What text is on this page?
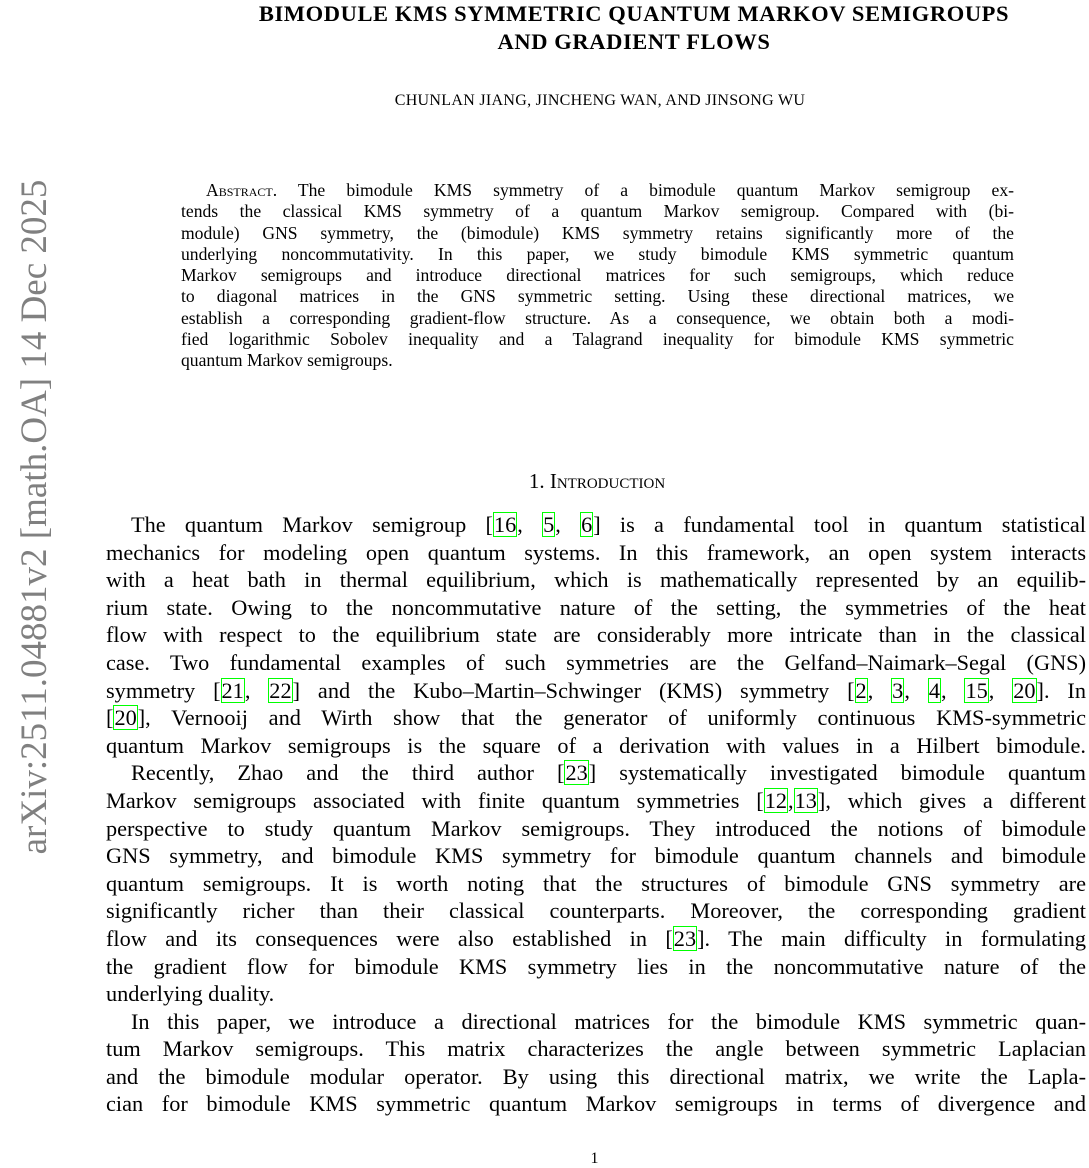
arXiv:2511.04881v2 [math.OA] 14 Dec 2025
BIMODULE KMS SYMMETRIC QUANTUM MARKOV SEMIGROUPS
AND GRADIENT FLOWS
CHUNLAN JIANG, JINCHENG WAN, AND JINSONG WU
Abstract. The bimodule KMS symmetry of a bimodule quantum Markov semigroup ex-
tends the classical KMS symmetry of a quantum Markov semigroup. Compared with (bi-
module) GNS symmetry, the (bimodule) KMS symmetry retains significantly more of the
underlying noncommutativity. In this paper, we study bimodule KMS symmetric quantum
Markov semigroups and introduce directional matrices for such semigroups, which reduce
to diagonal matrices in the GNS symmetric setting. Using these directional matrices, we
establish a corresponding gradient-flow structure. As a consequence, we obtain both a modi-
fied logarithmic Sobolev inequality and a Talagrand inequality for bimodule KMS symmetric
quantum Markov semigroups.
1. Introduction
The quantum Markov semigroup [16, 5, 6] is a fundamental tool in quantum statistical
mechanics for modeling open quantum systems. In this framework, an open system interacts
with a heat bath in thermal equilibrium, which is mathematically represented by an equilib-
rium state. Owing to the noncommutative nature of the setting, the symmetries of the heat
flow with respect to the equilibrium state are considerably more intricate than in the classical
case. Two fundamental examples of such symmetries are the Gelfand–Naimark–Segal (GNS)
symmetry [21, 22] and the Kubo–Martin–Schwinger (KMS) symmetry [2, 3, 4, 15, 20]. In
[20], Vernooij and Wirth show that the generator of uniformly continuous KMS-symmetric
quantum Markov semigroups is the square of a derivation with values in a Hilbert bimodule.
Recently, Zhao and the third author [23] systematically investigated bimodule quantum
Markov semigroups associated with finite quantum symmetries [12,13], which gives a different
perspective to study quantum Markov semigroups. They introduced the notions of bimodule
GNS symmetry, and bimodule KMS symmetry for bimodule quantum channels and bimodule
quantum semigroups. It is worth noting that the structures of bimodule GNS symmetry are
significantly richer than their classical counterparts. Moreover, the corresponding gradient
flow and its consequences were also established in [23]. The main difficulty in formulating
the gradient flow for bimodule KMS symmetry lies in the noncommutative nature of the
underlying duality.
In this paper, we introduce a directional matrices for the bimodule KMS symmetric quan-
tum Markov semigroups. This matrix characterizes the angle between symmetric Laplacian
and the bimodule modular operator. By using this directional matrix, we write the Lapla-
cian for bimodule KMS symmetric quantum Markov semigroups in terms of divergence and
1
